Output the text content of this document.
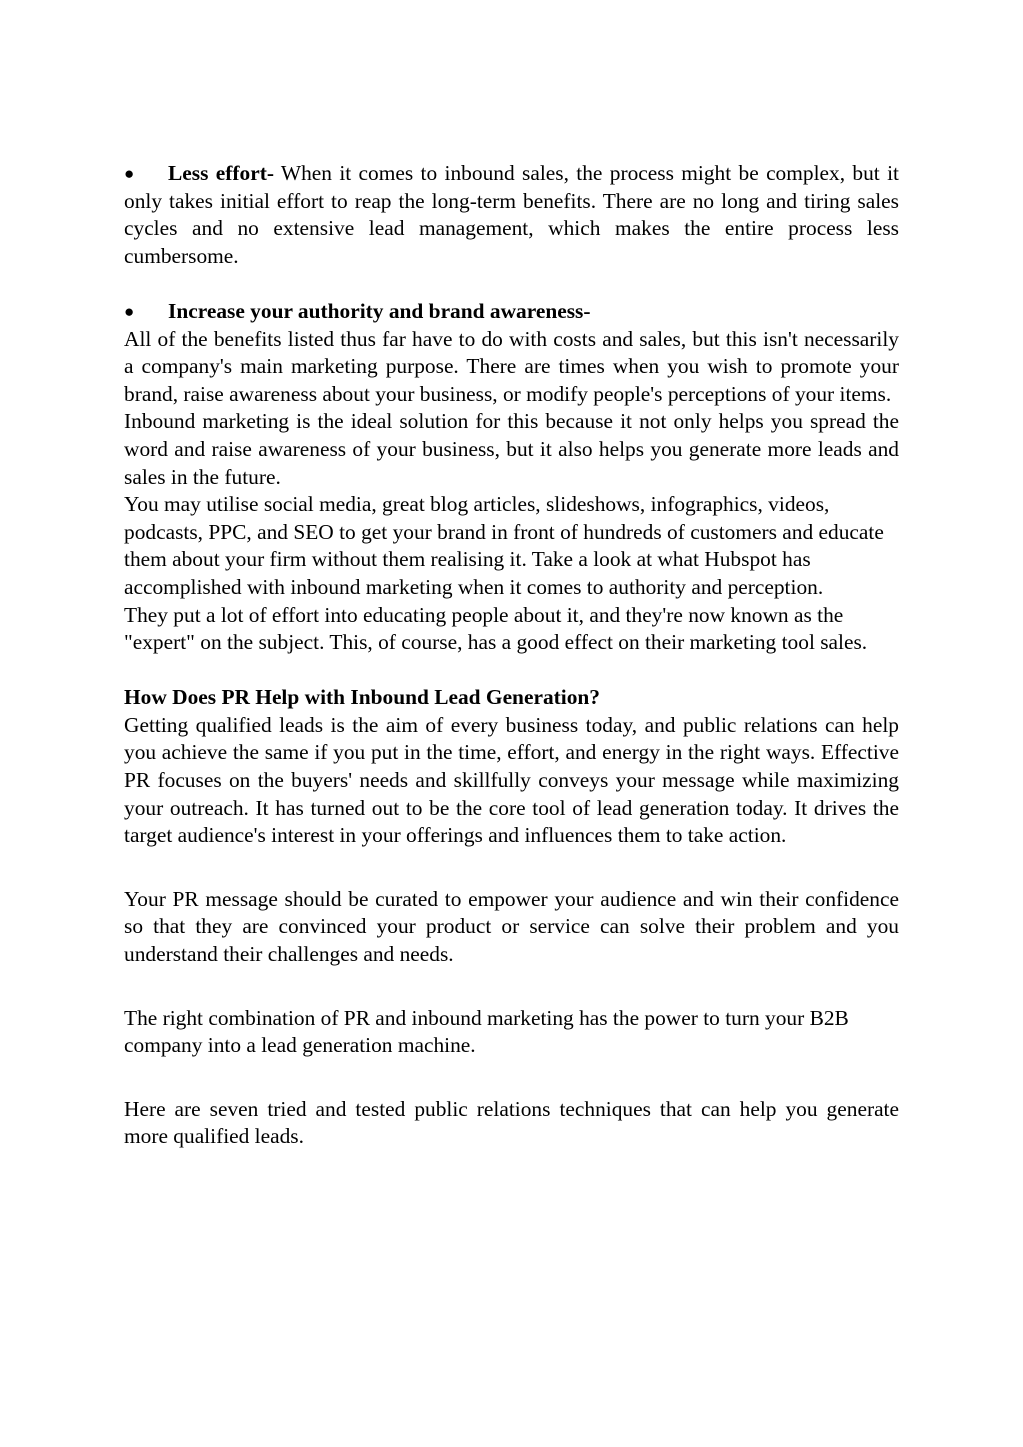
● Less effort- When it comes to inbound sales, the process might be complex, but it only takes initial effort to reap the long-term benefits. There are no long and tiring sales cycles and no extensive lead management, which makes the entire process less cumbersome.

● Increase your authority and brand awareness-

All of the benefits listed thus far have to do with costs and sales, but this isn't necessarily a company's main marketing purpose. There are times when you wish to promote your brand, raise awareness about your business, or modify people's perceptions of your items.

Inbound marketing is the ideal solution for this because it not only helps you spread the word and raise awareness of your business, but it also helps you generate more leads and sales in the future.

You may utilise social media, great blog articles, slideshows, infographics, videos, podcasts, PPC, and SEO to get your brand in front of hundreds of customers and educate them about your firm without them realising it. Take a look at what Hubspot has accomplished with inbound marketing when it comes to authority and perception.

They put a lot of effort into educating people about it, and they're now known as the "expert" on the subject. This, of course, has a good effect on their marketing tool sales.

How Does PR Help with Inbound Lead Generation?

Getting qualified leads is the aim of every business today, and public relations can help you achieve the same if you put in the time, effort, and energy in the right ways. Effective PR focuses on the buyers' needs and skillfully conveys your message while maximizing your outreach. It has turned out to be the core tool of lead generation today. It drives the target audience's interest in your offerings and influences them to take action.

Your PR message should be curated to empower your audience and win their confidence so that they are convinced your product or service can solve their problem and you understand their challenges and needs.

The right combination of PR and inbound marketing has the power to turn your B2B company into a lead generation machine.

Here are seven tried and tested public relations techniques that can help you generate more qualified leads.
